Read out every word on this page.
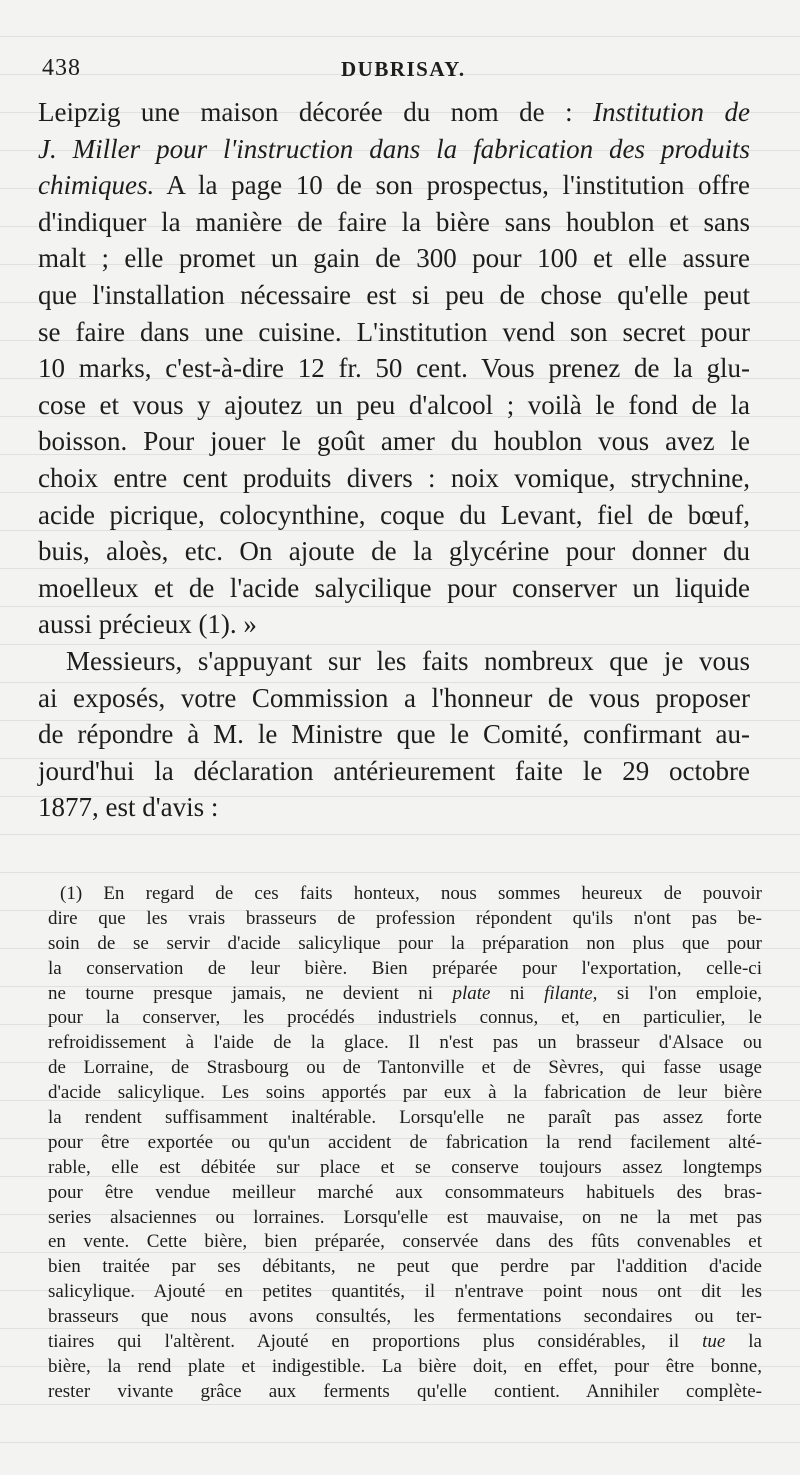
438	DUBRISAY.

Leipzig une maison décorée du nom de : Institution de

J. Miller pour l'instruction dans la fabrication des produits

chimiques. A la page 10 de son prospectus, l'institution offre

d'indiquer la manière de faire la bière sans houblon et sans

malt ; elle promet un gain de 300 pour 100 et elle assure

que l'installation nécessaire est si peu de chose qu'elle peut

se faire dans une cuisine. L'institution vend son secret pour

10 marks, c'est-à-dire 12 fr. 50 cent. Vous prenez de la glu-

cose et vous y ajoutez un peu d'alcool ; voilà le fond de la

boisson. Pour jouer le goût amer du houblon vous avez le

choix entre cent produits divers : noix vomique, strychnine,

acide picrique, colocynthine, coque du Levant, fiel de bœuf,

buis, aloès, etc. On ajoute de la glycérine pour donner du

moelleux et de l'acide salycilique pour conserver un liquide

aussi précieux (1). »

Messieurs, s'appuyant sur les faits nombreux que je vous

ai exposés, votre Commission a l'honneur de vous proposer

de répondre à M. le Ministre que le Comité, confirmant au-

jourd'hui la déclaration antérieurement faite le 29 octobre

1877, est d'avis :

(1) En regard de ces faits honteux, nous sommes heureux de pouvoir

dire que les vrais brasseurs de profession répondent qu'ils n'ont pas be-

soin de se servir d'acide salicylique pour la préparation non plus que pour

la conservation de leur bière. Bien préparée pour l'exportation, celle-ci

ne tourne presque jamais, ne devient ni plate ni filante, si l'on emploie,

pour la conserver, les procédés industriels connus, et, en particulier, le

refroidissement à l'aide de la glace. Il n'est pas un brasseur d'Alsace ou

de Lorraine, de Strasbourg ou de Tantonville et de Sèvres, qui fasse usage

d'acide salicylique. Les soins apportés par eux à la fabrication de leur bière

la rendent suffisamment inaltérable. Lorsqu'elle ne paraît pas assez forte

pour être exportée ou qu'un accident de fabrication la rend facilement alté-

rable, elle est débitée sur place et se conserve toujours assez longtemps

pour être vendue meilleur marché aux consommateurs habituels des bras-

series alsaciennes ou lorraines. Lorsqu'elle est mauvaise, on ne la met pas

en vente. Cette bière, bien préparée, conservée dans des fûts convenables et

bien traitée par ses débitants, ne peut que perdre par l'addition d'acide

salicylique. Ajouté en petites quantités, il n'entrave point nous ont dit les

brasseurs que nous avons consultés, les fermentations secondaires ou ter-

tiaires qui l'altèrent. Ajouté en proportions plus considérables, il tue la

bière, la rend plate et indigestible. La bière doit, en effet, pour être bonne,

rester vivante grâce aux ferments qu'elle contient. Annihiler complète-
